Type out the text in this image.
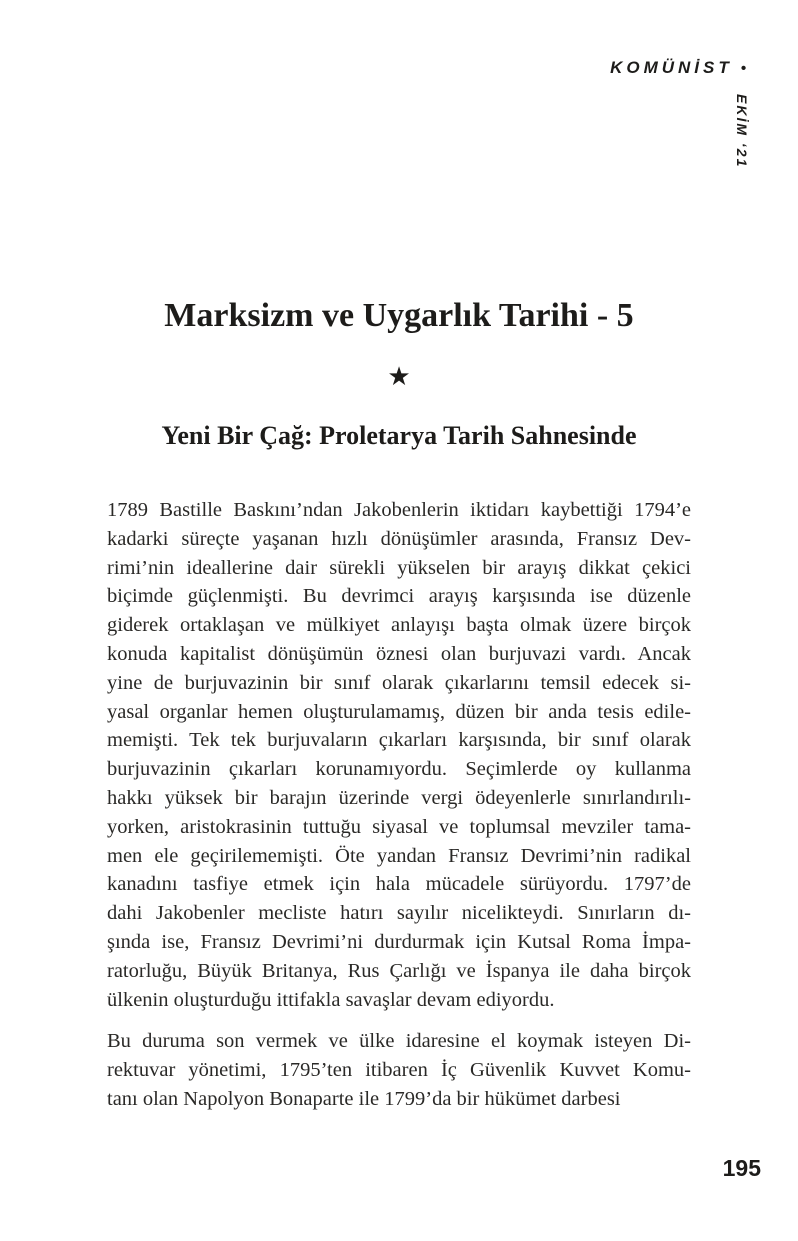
KOMÜNİST •
EKİM ‘21
Marksizm ve Uygarlık Tarihi - 5
★
Yeni Bir Çağ: Proletarya Tarih Sahnesinde
1789 Bastille Baskını’ndan Jakobenlerin iktidarı kaybettiği 1794’e
kadarki süreçte yaşanan hızlı dönüşümler arasında, Fransız Dev-
rimi’nin ideallerine dair sürekli yükselen bir arayış dikkat çekici
biçimde güçlenmişti. Bu devrimci arayış karşısında ise düzenle
giderek ortaklaşan ve mülkiyet anlayışı başta olmak üzere birçok
konuda kapitalist dönüşümün öznesi olan burjuvazi vardı. Ancak
yine de burjuvazinin bir sınıf olarak çıkarlarını temsil edecek si-
yasal organlar hemen oluşturulamamış, düzen bir anda tesis edile-
memişti. Tek tek burjuvaların çıkarları karşısında, bir sınıf olarak
burjuvazinin çıkarları korunamıyordu. Seçimlerde oy kullanma
hakkı yüksek bir barajın üzerinde vergi ödeyenlerle sınırlandırılı-
yorken, aristokrasinin tuttuğu siyasal ve toplumsal mevziler tama-
men ele geçirilememişti. Öte yandan Fransız Devrimi’nin radikal
kanadını tasfiye etmek için hala mücadele sürüyordu. 1797’de
dahi Jakobenler mecliste hatırı sayılır nicelikteydi. Sınırların dı-
şında ise, Fransız Devrimi’ni durdurmak için Kutsal Roma İmpa-
ratorluğu, Büyük Britanya, Rus Çarlığı ve İspanya ile daha birçok
ülkenin oluşturduğu ittifakla savaşlar devam ediyordu.
Bu duruma son vermek ve ülke idaresine el koymak isteyen Di-
rektuvar yönetimi, 1795’ten itibaren İç Güvenlik Kuvvet Komu-
tanı olan Napolyon Bonaparte ile 1799’da bir hükümet darbesi
195
